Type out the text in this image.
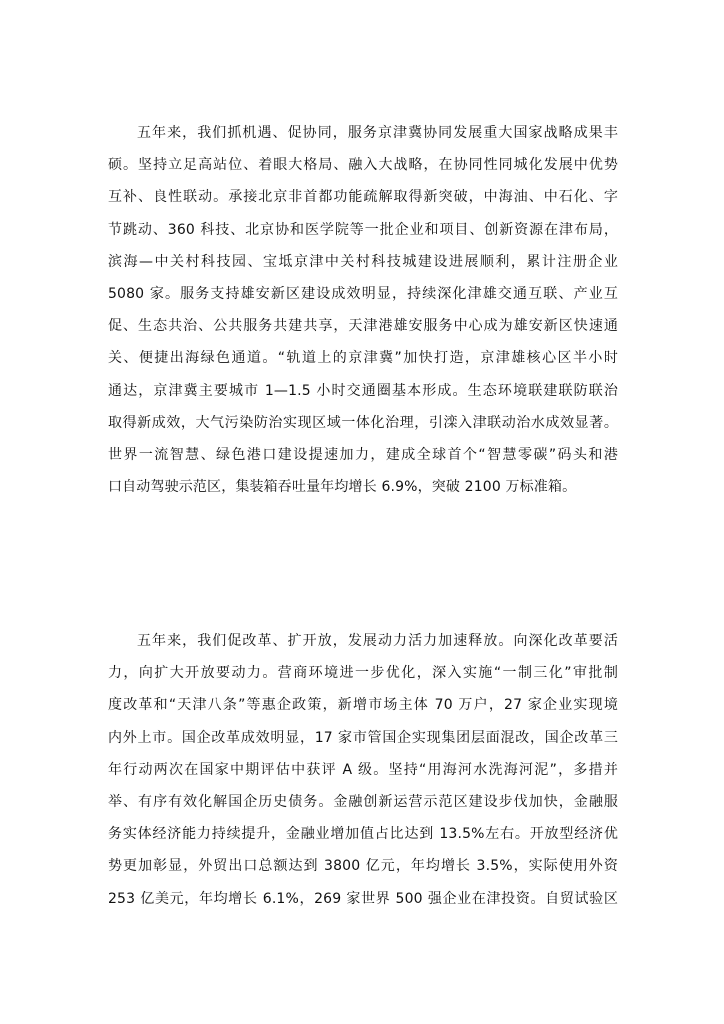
五年来，我们抓机遇、促协同，服务京津冀协同发展重大国家战略成果丰
硕。坚持立足高站位、着眼大格局、融入大战略，在协同性同城化发展中优势
互补、良性联动。承接北京非首都功能疏解取得新突破，中海油、中石化、字
节跳动、360 科技、北京协和医学院等一批企业和项目、创新资源在津布局，
滨海—中关村科技园、宝坻京津中关村科技城建设进展顺利，累计注册企业
5080 家。服务支持雄安新区建设成效明显，持续深化津雄交通互联、产业互
促、生态共治、公共服务共建共享，天津港雄安服务中心成为雄安新区快速通
关、便捷出海绿色通道。“轨道上的京津冀”加快打造，京津雄核心区半小时
通达，京津冀主要城市 1—1.5 小时交通圈基本形成。生态环境联建联防联治
取得新成效，大气污染防治实现区域一体化治理，引滦入津联动治水成效显著。
世界一流智慧、绿色港口建设提速加力，建成全球首个“智慧零碳”码头和港
口自动驾驶示范区，集装箱吞吐量年均增长 6.9%，突破 2100 万标准箱。
五年来，我们促改革、扩开放，发展动力活力加速释放。向深化改革要活
力，向扩大开放要动力。营商环境进一步优化，深入实施“一制三化”审批制
度改革和“天津八条”等惠企政策，新增市场主体 70 万户，27 家企业实现境
内外上市。国企改革成效明显，17 家市管国企实现集团层面混改，国企改革三
年行动两次在国家中期评估中获评 A 级。坚持“用海河水洗海河泥”，多措并
举、有序有效化解国企历史债务。金融创新运营示范区建设步伐加快，金融服
务实体经济能力持续提升，金融业增加值占比达到 13.5%左右。开放型经济优
势更加彰显，外贸出口总额达到 3800 亿元，年均增长 3.5%，实际使用外资
253 亿美元，年均增长 6.1%，269 家世界 500 强企业在津投资。自贸试验区
